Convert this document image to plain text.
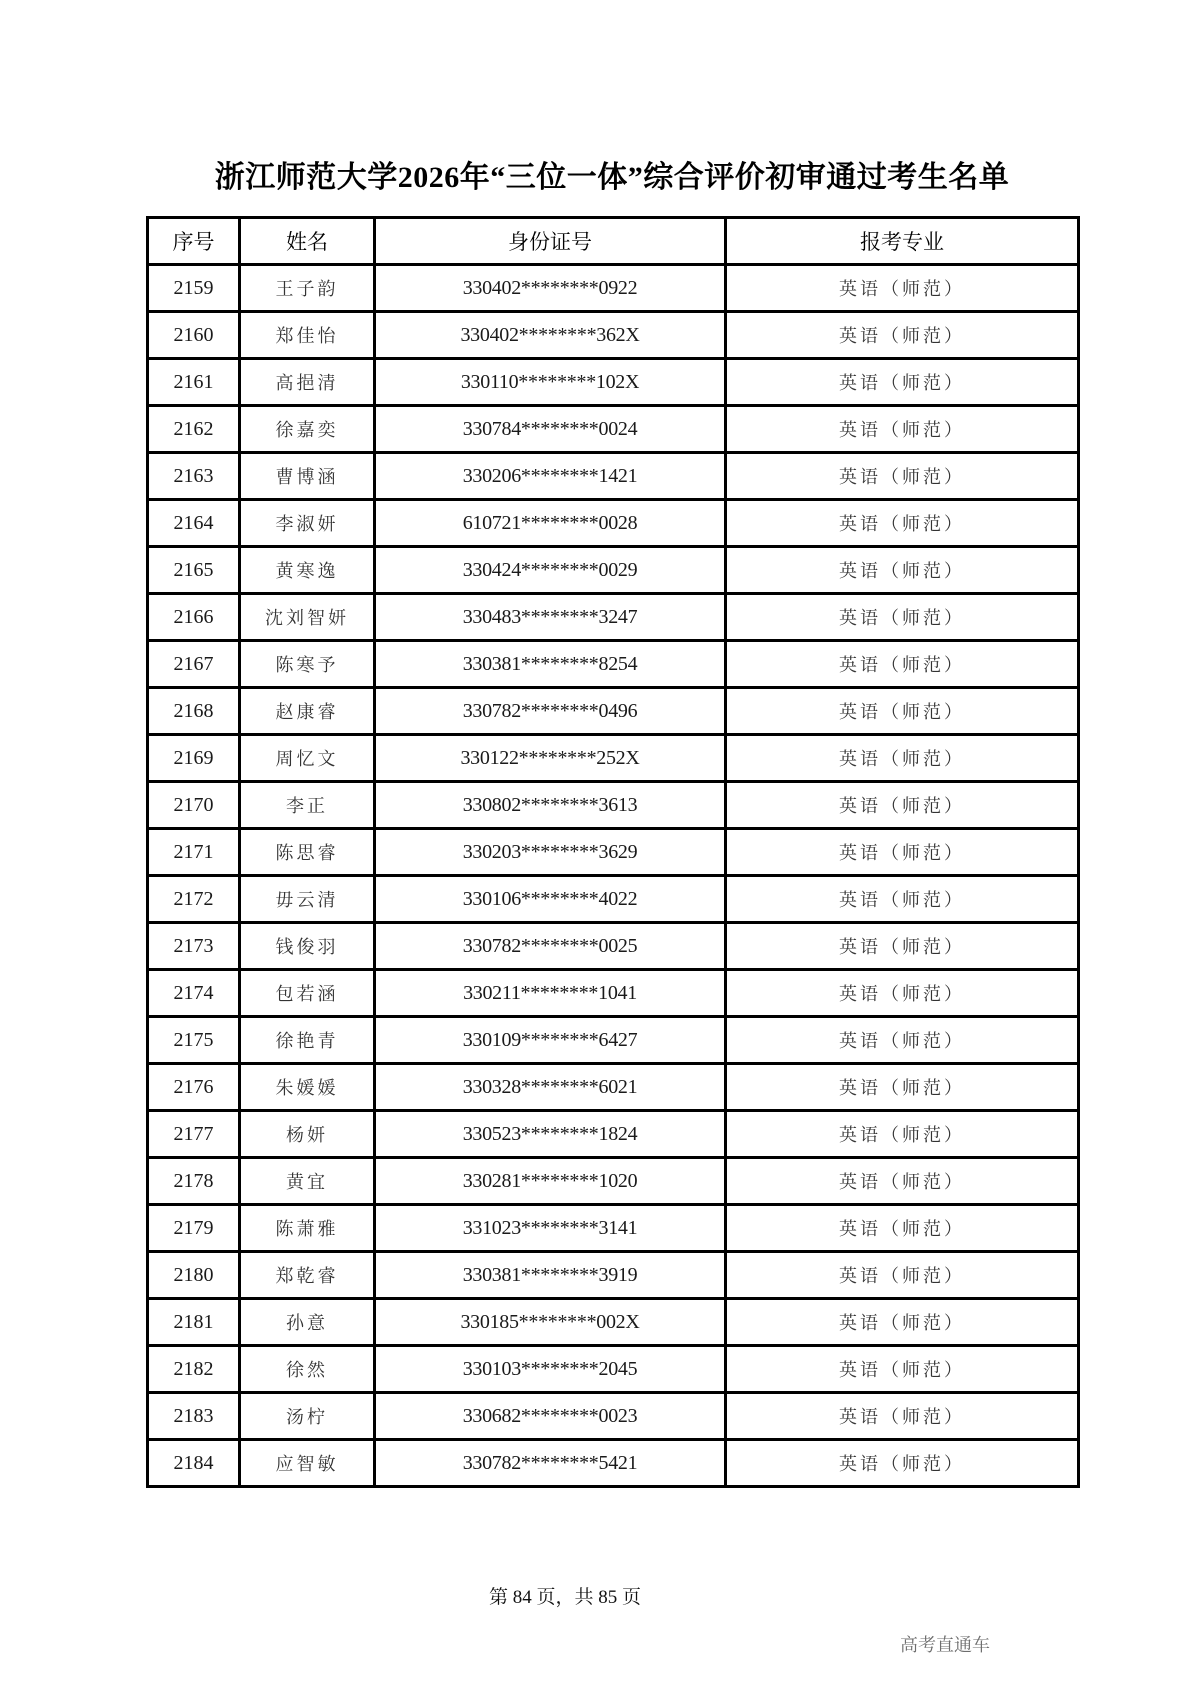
浙江师范大学2026年“三位一体”综合评价初审通过考生名单
序号	姓名	身份证号	报考专业
2159	王子韵	330402********0922	英语（师范）
2160	郑佳怡	330402********362X	英语（师范）
2161	高挹清	330110********102X	英语（师范）
2162	徐嘉奕	330784********0024	英语（师范）
2163	曹博涵	330206********1421	英语（师范）
2164	李淑妍	610721********0028	英语（师范）
2165	黄寒逸	330424********0029	英语（师范）
2166	沈刘智妍	330483********3247	英语（师范）
2167	陈寒予	330381********8254	英语（师范）
2168	赵康睿	330782********0496	英语（师范）
2169	周忆文	330122********252X	英语（师范）
2170	李正	330802********3613	英语（师范）
2171	陈思睿	330203********3629	英语（师范）
2172	毋云清	330106********4022	英语（师范）
2173	钱俊羽	330782********0025	英语（师范）
2174	包若涵	330211********1041	英语（师范）
2175	徐艳青	330109********6427	英语（师范）
2176	朱媛媛	330328********6021	英语（师范）
2177	杨妍	330523********1824	英语（师范）
2178	黄宜	330281********1020	英语（师范）
2179	陈萧雅	331023********3141	英语（师范）
2180	郑乾睿	330381********3919	英语（师范）
2181	孙意	330185********002X	英语（师范）
2182	徐然	330103********2045	英语（师范）
2183	汤柠	330682********0023	英语（师范）
2184	应智敏	330782********5421	英语（师范）
第 84 页，共 85 页
高考直通车
